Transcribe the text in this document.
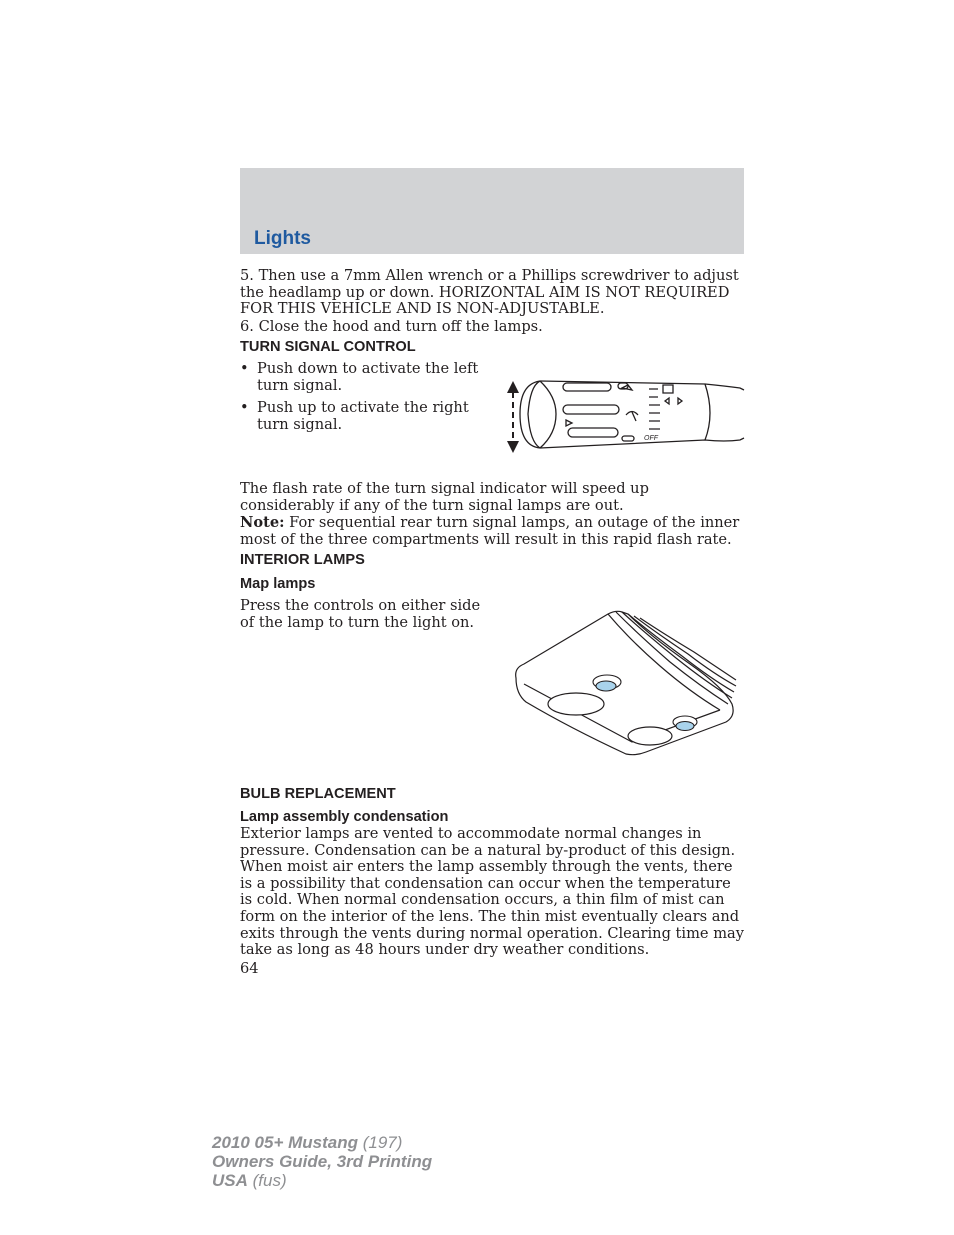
Lights

5. Then use a 7mm Allen wrench or a Phillips screwdriver to adjust the headlamp up or down. HORIZONTAL AIM IS NOT REQUIRED FOR THIS VEHICLE AND IS NON-ADJUSTABLE.

6. Close the hood and turn off the lamps.

TURN SIGNAL CONTROL

• Push down to activate the left turn signal.
• Push up to activate the right turn signal.
OFF

The flash rate of the turn signal indicator will speed up considerably if any of the turn signal lamps are out.

Note: For sequential rear turn signal lamps, an outage of the inner most of the three compartments will result in this rapid flash rate.

INTERIOR LAMPS

Map lamps

Press the controls on either side of the lamp to turn the light on.

BULB REPLACEMENT

Lamp assembly condensation

Exterior lamps are vented to accommodate normal changes in pressure. Condensation can be a natural by-product of this design. When moist air enters the lamp assembly through the vents, there is a possibility that condensation can occur when the temperature is cold. When normal condensation occurs, a thin film of mist can form on the interior of the lens. The thin mist eventually clears and exits through the vents during normal operation. Clearing time may take as long as 48 hours under dry weather conditions.

64

2010 05+ Mustang (197)
Owners Guide, 3rd Printing
USA (fus)
